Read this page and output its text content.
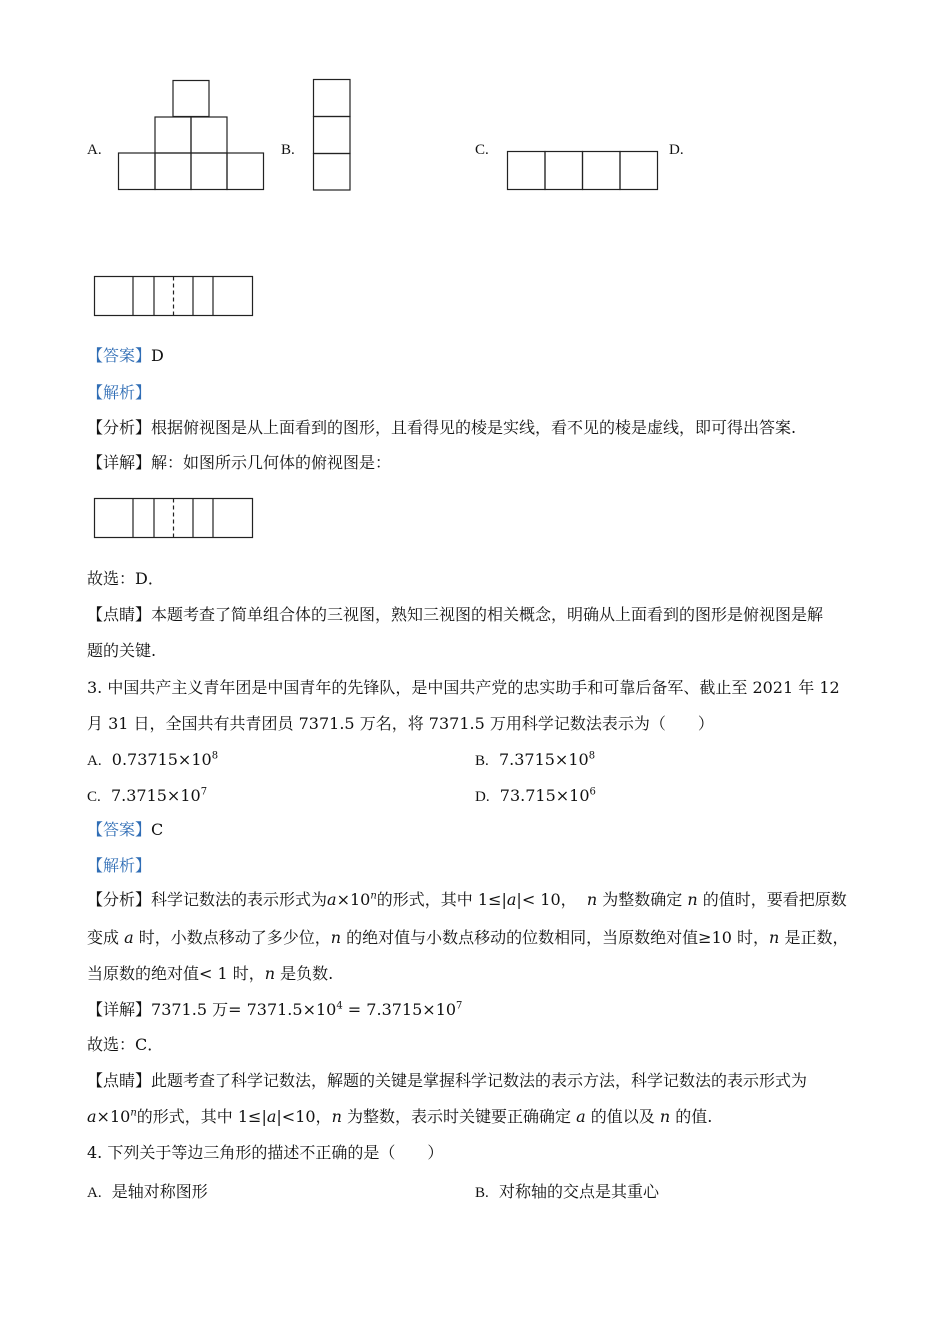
A.	B.	C.	D.
【答案】D
【解析】
【分析】根据俯视图是从上面看到的图形，且看得见的棱是实线，看不见的棱是虚线，即可得出答案.
【详解】解：如图所示几何体的俯视图是：
故选：D．
【点睛】本题考查了简单组合体的三视图，熟知三视图的相关概念，明确从上面看到的图形是俯视图是解
题的关键.
3. 中国共产主义青年团是中国青年的先锋队，是中国共产党的忠实助手和可靠后备军、截止至 2021 年 12
月 31 日，全国共有共青团员 7371.5 万名，将 7371.5 万用科学记数法表示为（　　）
A. $0.73715\times 10^8$	B. $7.3715\times 10^8$
C. $7.3715\times 10^7$	D. $73.715\times 10^6$
【答案】C
【解析】
【分析】科学记数法的表示形式为$a\times 10^n$的形式，其中 1≤|a|< 10， n 为整数确定 n 的值时，要看把原数
变成 a 时，小数点移动了多少位，n 的绝对值与小数点移动的位数相同，当原数绝对值≥10 时，n 是正数，
当原数的绝对值< 1 时，n 是负数.
【详解】7371.5 万= $7371.5\times 10^4 = 7.3715\times 10^7$
故选：C．
【点睛】此题考查了科学记数法，解题的关键是掌握科学记数法的表示方法，科学记数法的表示形式为
$a\times 10^n$的形式，其中 1≤|a|<10，n 为整数，表示时关键要正确确定 a 的值以及 n 的值.
4. 下列关于等边三角形的描述不正确的是（　　）
A. 是轴对称图形	B. 对称轴的交点是其重心
